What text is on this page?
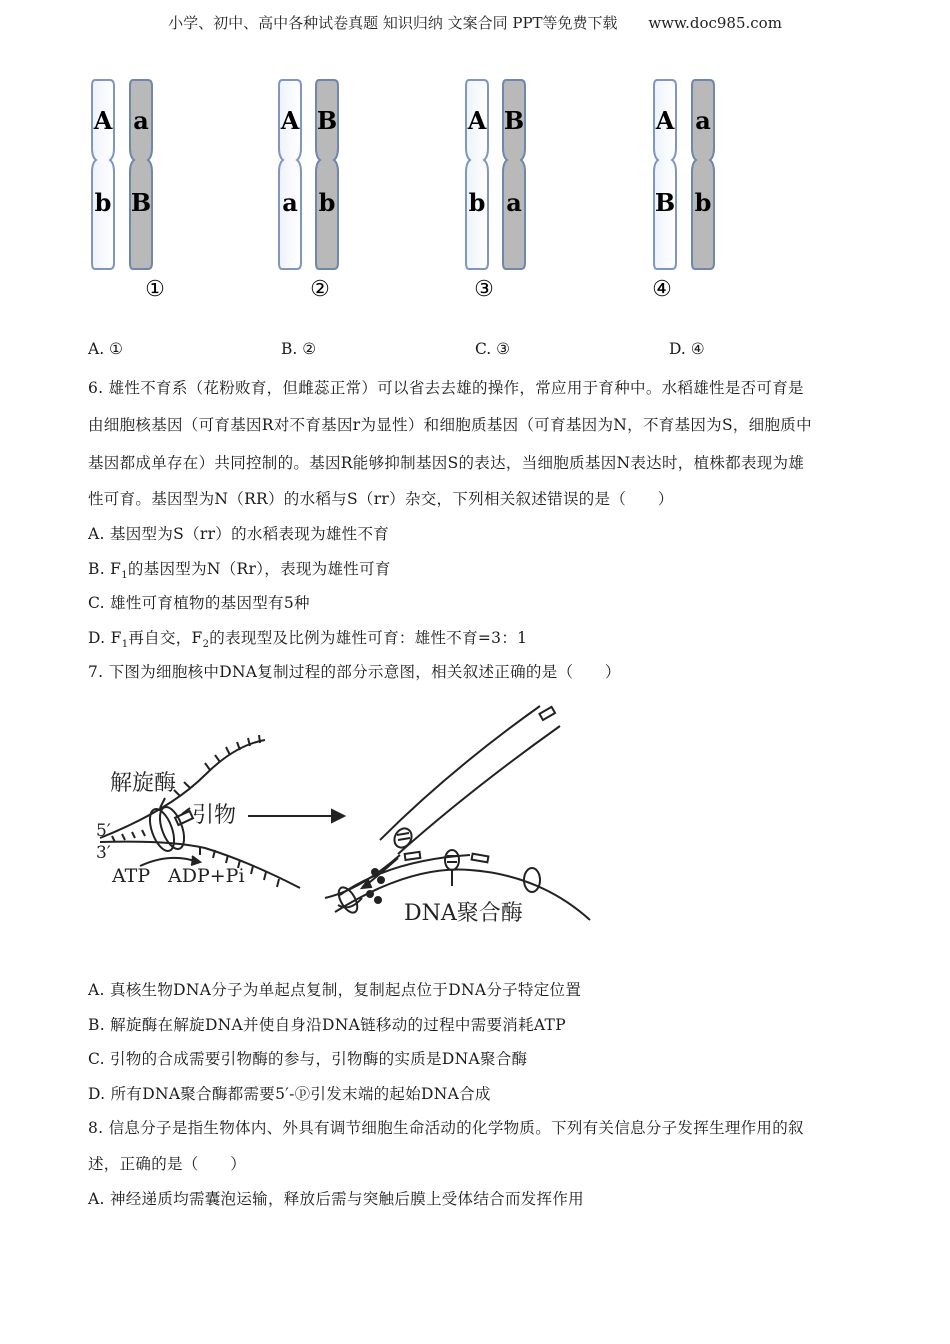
小学、初中、高中各种试卷真题 知识归纳 文案合同 PPT等免费下载 www.doc985.com
A
b
a
B
①
A
a
B
b
②
A
b
B
a
③
A
B
a
b
④
A. ①	B. ②	C. ③	D. ④
6. 雄性不育系（花粉败育，但雌蕊正常）可以省去去雄的操作，常应用于育种中。水稻雄性是否可育是
由细胞核基因（可育基因R对不育基因r为显性）和细胞质基因（可育基因为N，不育基因为S，细胞质中
基因都成单存在）共同控制的。基因R能够抑制基因S的表达，当细胞质基因N表达时，植株都表现为雄
性可育。基因型为N（RR）的水稻与S（rr）杂交，下列相关叙述错误的是（　　）
A. 基因型为S（rr）的水稻表现为雄性不育
B. $F_1$的基因型为N（Rr），表现为雄性可育
C. 雄性可育植物的基因型有5种
D. $F_1$再自交，$F_2$的表现型及比例为雄性可育：雄性不育=3：1
7. 下图为细胞核中DNA复制过程的部分示意图，相关叙述正确的是（　　）
解旋酶
引物
5′
3′
ATP ADP+Pi
DNA聚合酶
A. 真核生物DNA分子为单起点复制，复制起点位于DNA分子特定位置
B. 解旋酶在解旋DNA并使自身沿DNA链移动的过程中需要消耗ATP
C. 引物的合成需要引物酶的参与，引物酶的实质是DNA聚合酶
D. 所有DNA聚合酶都需要5′-ⓟ引发末端的起始DNA合成
8. 信息分子是指生物体内、外具有调节细胞生命活动的化学物质。下列有关信息分子发挥生理作用的叙
述，正确的是（　　）
A. 神经递质均需囊泡运输，释放后需与突触后膜上受体结合而发挥作用
